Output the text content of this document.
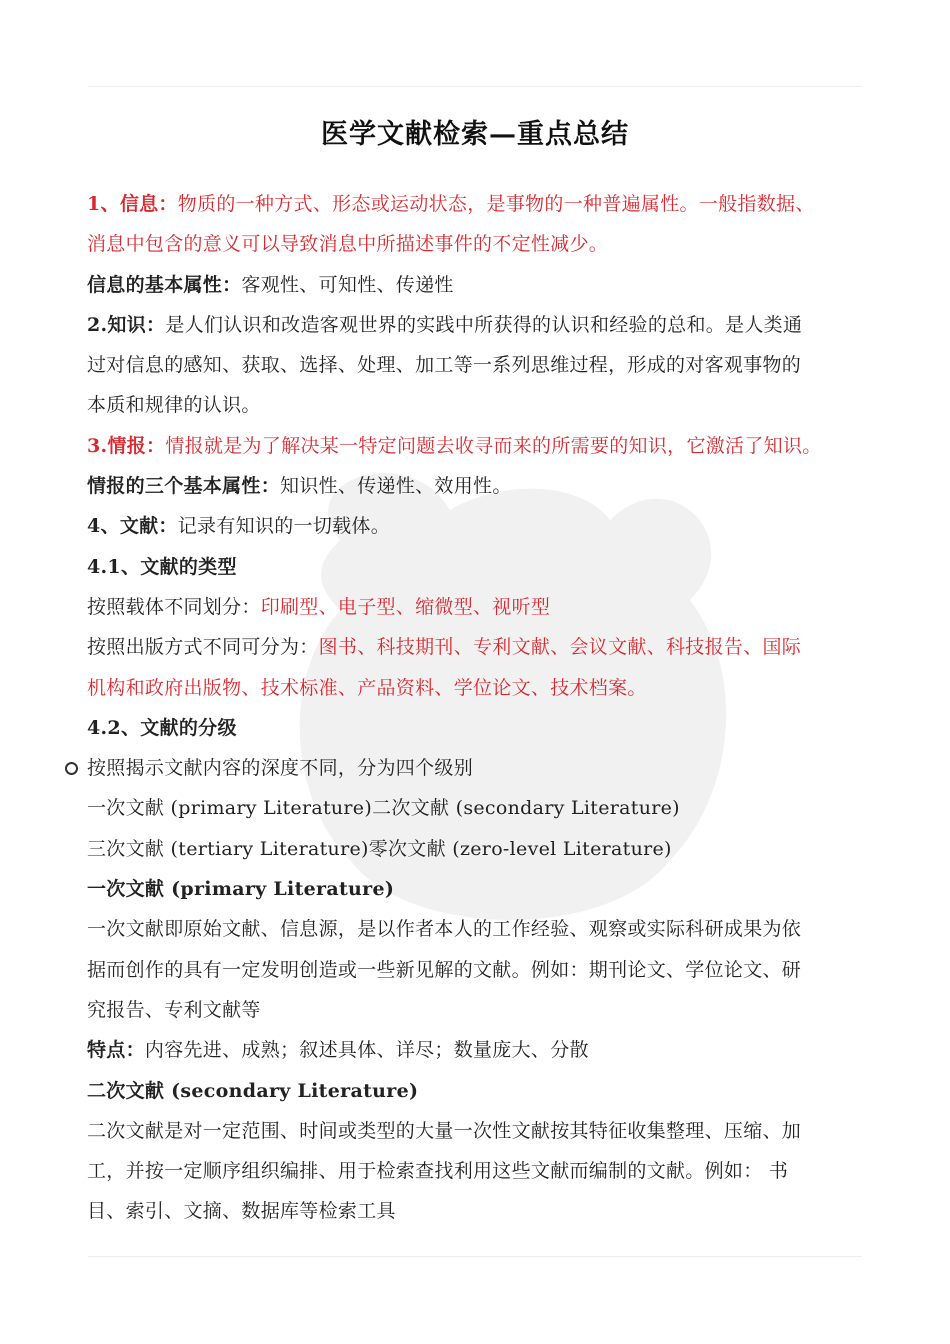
医学文献检索—重点总结
1、信息：物质的一种方式、形态或运动状态，是事物的一种普遍属性。一般指数据、
消息中包含的意义可以导致消息中所描述事件的不定性减少。
信息的基本属性：客观性、可知性、传递性
2.知识：是人们认识和改造客观世界的实践中所获得的认识和经验的总和。是人类通
过对信息的感知、获取、选择、处理、加工等一系列思维过程，形成的对客观事物的
本质和规律的认识。
3.情报：情报就是为了解决某一特定问题去收寻而来的所需要的知识，它激活了知识。
情报的三个基本属性：知识性、传递性、效用性。
4、文献：记录有知识的一切载体。
4.1、文献的类型
按照载体不同划分：印刷型、电子型、缩微型、视听型
按照出版方式不同可分为：图书、科技期刊、专利文献、会议文献、科技报告、国际
机构和政府出版物、技术标准、产品资料、学位论文、技术档案。
4.2、文献的分级
按照揭示文献内容的深度不同，分为四个级别
一次文献 (primary Literature)二次文献 (secondary Literature)
三次文献 (tertiary Literature)零次文献 (zero-level Literature)
一次文献 (primary Literature)
一次文献即原始文献、信息源，是以作者本人的工作经验、观察或实际科研成果为依
据而创作的具有一定发明创造或一些新见解的文献。例如：期刊论文、学位论文、研
究报告、专利文献等
特点：内容先进、成熟；叙述具体、详尽；数量庞大、分散
二次文献 (secondary Literature)
二次文献是对一定范围、时间或类型的大量一次性文献按其特征收集整理、压缩、加
工，并按一定顺序组织编排、用于检索查找利用这些文献而编制的文献。例如： 书
目、索引、文摘、数据库等检索工具
